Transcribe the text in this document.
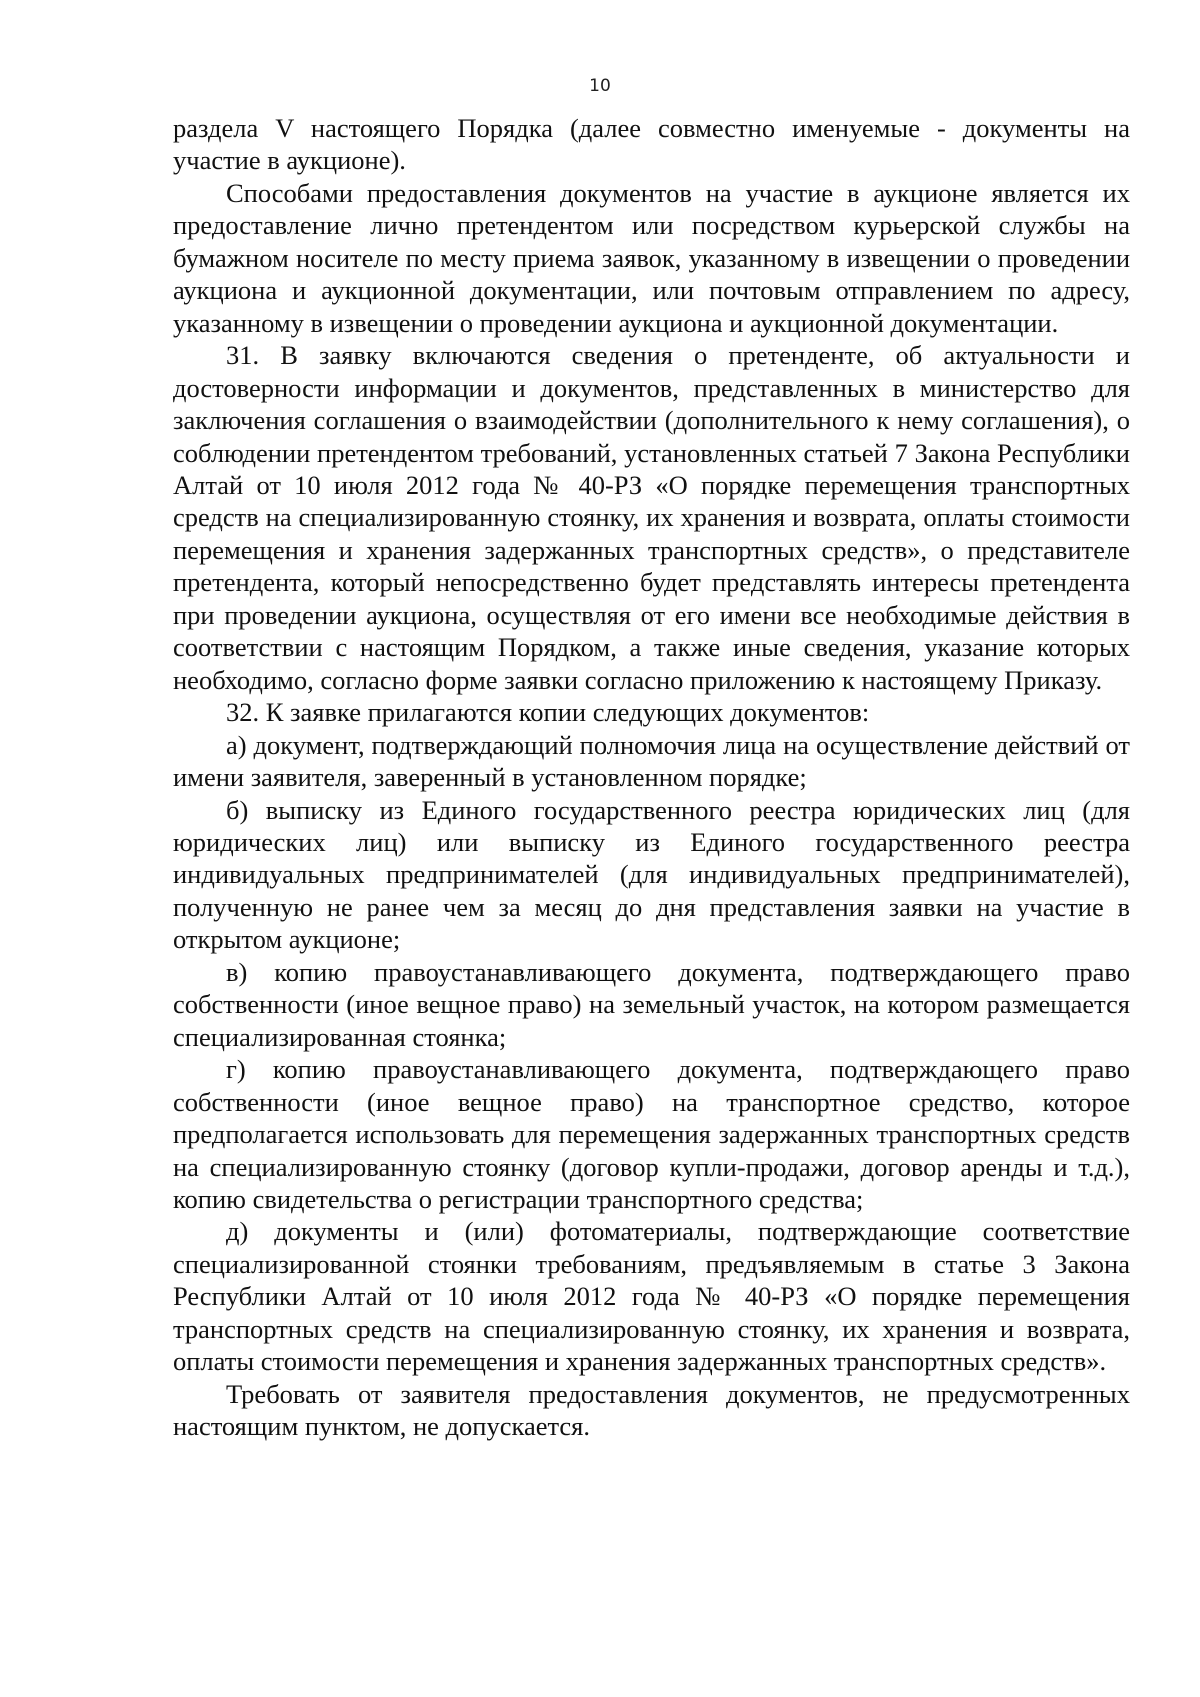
10

раздела V настоящего Порядка (далее совместно именуемые - документы на участие в аукционе).

Способами предоставления документов на участие в аукционе является их предоставление лично претендентом или посредством курьерской службы на бумажном носителе по месту приема заявок, указанному в извещении о проведении аукциона и аукционной документации, или почтовым отправлением по адресу, указанному в извещении о проведении аукциона и аукционной документации.

31. В заявку включаются сведения о претенденте, об актуальности и достоверности информации и документов, представленных в министерство для заключения соглашения о взаимодействии (дополнительного к нему соглашения), о соблюдении претендентом требований, установленных статьей 7 Закона Республики Алтай от 10 июля 2012 года № 40-РЗ «О порядке перемещения транспортных средств на специализированную стоянку, их хранения и возврата, оплаты стоимости перемещения и хранения задержанных транспортных средств», о представителе претендента, который непосредственно будет представлять интересы претендента при проведении аукциона, осуществляя от его имени все необходимые действия в соответствии с настоящим Порядком, а также иные сведения, указание которых необходимо, согласно форме заявки согласно приложению к настоящему Приказу.

32. К заявке прилагаются копии следующих документов:

а) документ, подтверждающий полномочия лица на осуществление действий от имени заявителя, заверенный в установленном порядке;

б) выписку из Единого государственного реестра юридических лиц (для юридических лиц) или выписку из Единого государственного реестра индивидуальных предпринимателей (для индивидуальных предпринимателей), полученную не ранее чем за месяц до дня представления заявки на участие в открытом аукционе;

в) копию правоустанавливающего документа, подтверждающего право собственности (иное вещное право) на земельный участок, на котором размещается специализированная стоянка;

г) копию правоустанавливающего документа, подтверждающего право собственности (иное вещное право) на транспортное средство, которое предполагается использовать для перемещения задержанных транспортных средств на специализированную стоянку (договор купли-продажи, договор аренды и т.д.), копию свидетельства о регистрации транспортного средства;

д) документы и (или) фотоматериалы, подтверждающие соответствие специализированной стоянки требованиям, предъявляемым в статье 3 Закона Республики Алтай от 10 июля 2012 года № 40-РЗ «О порядке перемещения транспортных средств на специализированную стоянку, их хранения и возврата, оплаты стоимости перемещения и хранения задержанных транспортных средств».

Требовать от заявителя предоставления документов, не предусмотренных настоящим пунктом, не допускается.
